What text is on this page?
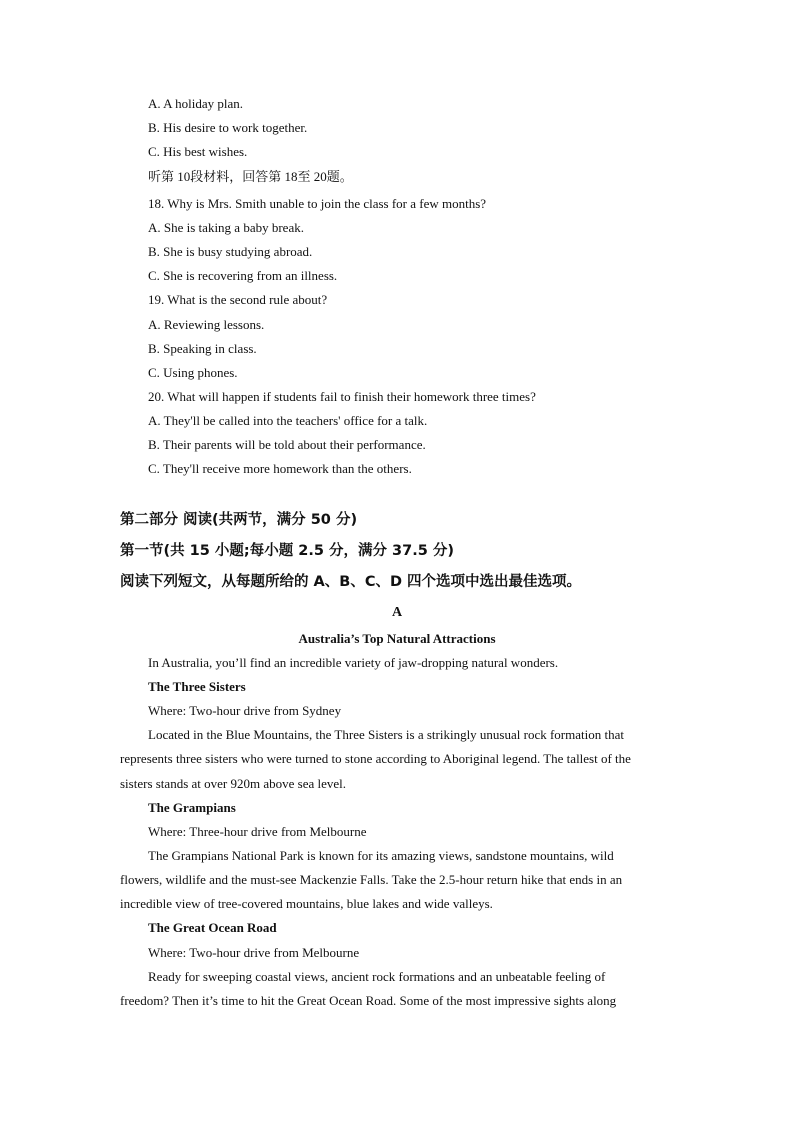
A. A holiday plan.
B. His desire to work together.
C. His best wishes.
听第 10段材料，回答第 18至 20题。
18. Why is Mrs. Smith unable to join the class for a few months?
A. She is taking a baby break.
B. She is busy studying abroad.
C. She is recovering from an illness.
19. What is the second rule about?
A. Reviewing lessons.
B. Speaking in class.
C. Using phones.
20. What will happen if students fail to finish their homework three times?
A. They'll be called into the teachers' office for a talk.
B. Their parents will be told about their performance.
C. They'll receive more homework than the others.
第二部分 阅读(共两节，满分 50 分)
第一节(共 15 小题;每小题 2.5 分，满分 37.5 分)
阅读下列短文，从每题所给的 A、B、C、D 四个选项中选出最佳选项。
A
Australia’s Top Natural Attractions
In Australia, you’ll find an incredible variety of jaw-dropping natural wonders.
The Three Sisters
Where: Two-hour drive from Sydney
Located in the Blue Mountains, the Three Sisters is a strikingly unusual rock formation that
represents three sisters who were turned to stone according to Aboriginal legend. The tallest of the
sisters stands at over 920m above sea level.
The Grampians
Where: Three-hour drive from Melbourne
The Grampians National Park is known for its amazing views, sandstone mountains, wild
flowers, wildlife and the must-see Mackenzie Falls. Take the 2.5-hour return hike that ends in an
incredible view of tree-covered mountains, blue lakes and wide valleys.
The Great Ocean Road
Where: Two-hour drive from Melbourne
Ready for sweeping coastal views, ancient rock formations and an unbeatable feeling of
freedom? Then it’s time to hit the Great Ocean Road. Some of the most impressive sights along
